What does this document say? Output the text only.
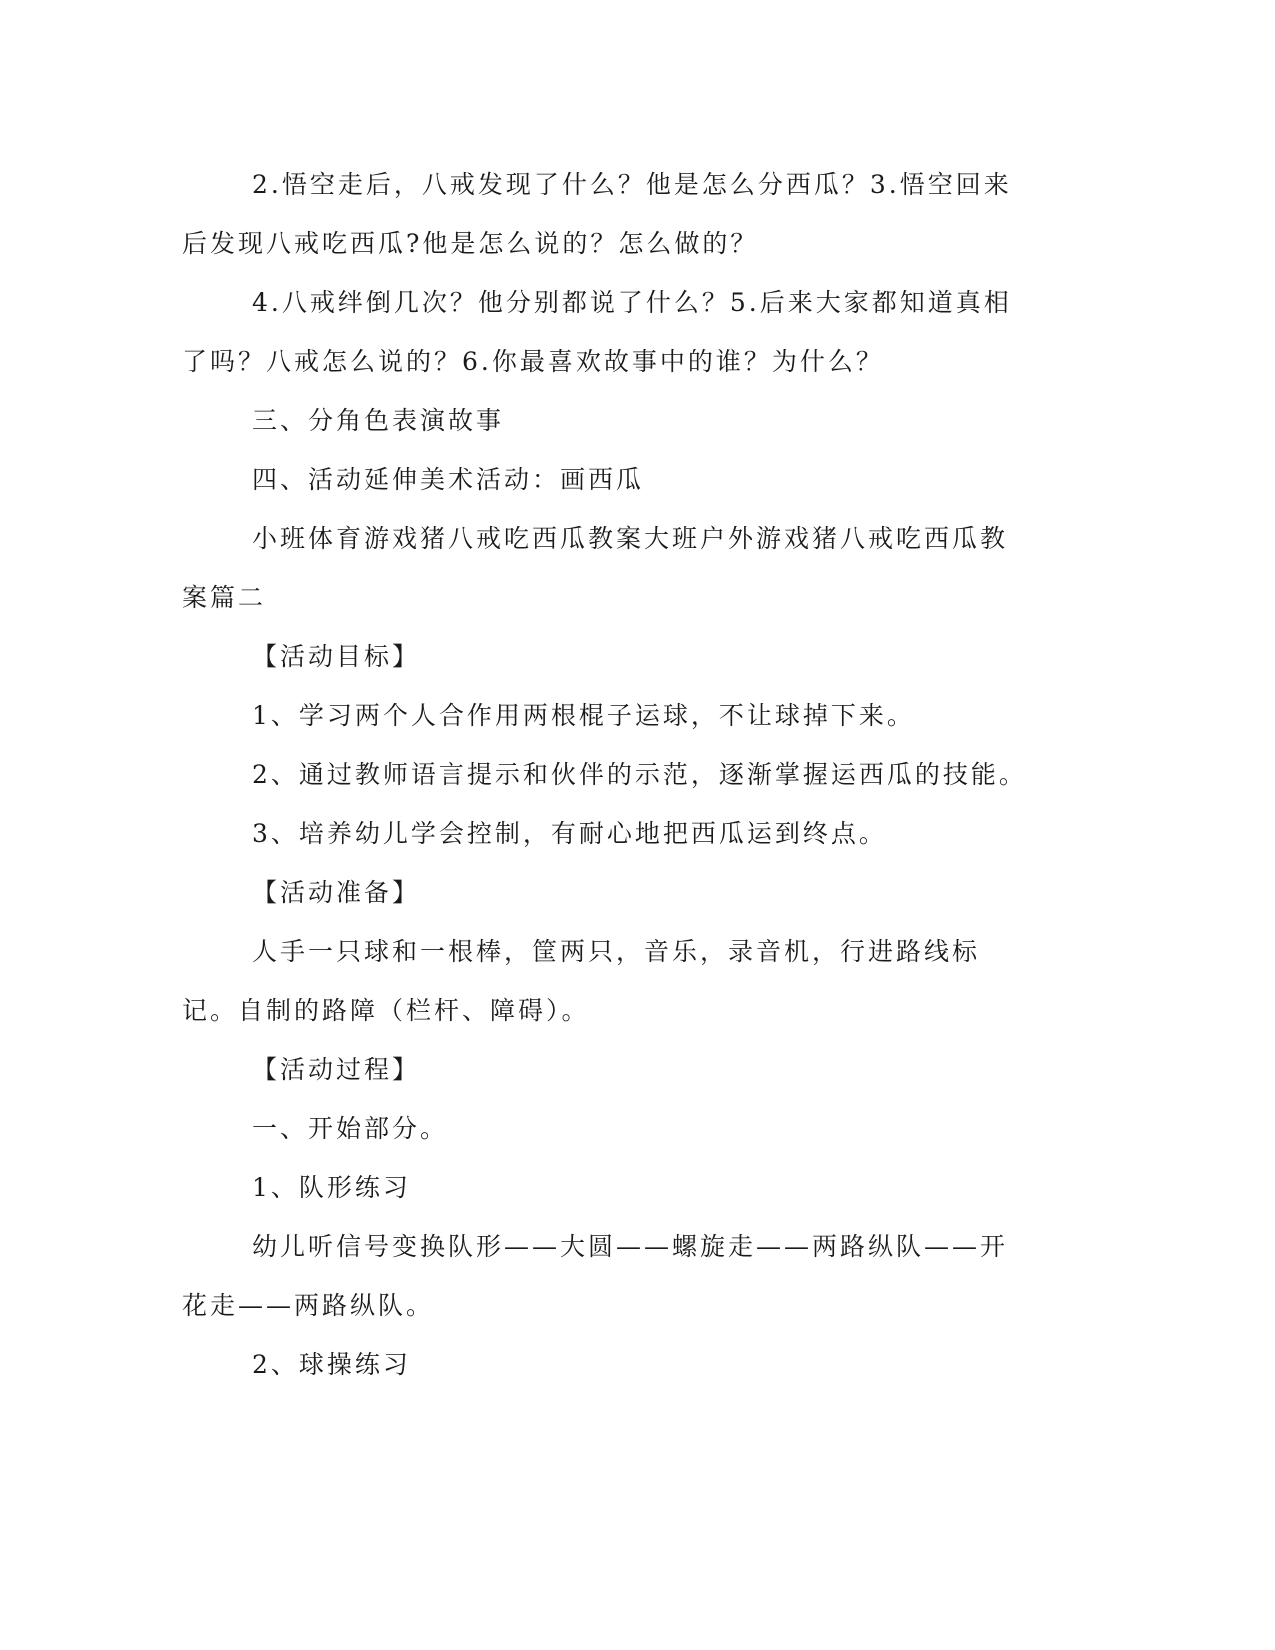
2.悟空走后，八戒发现了什么？他是怎么分西瓜？3.悟空回来后发现八戒吃西瓜?他是怎么说的？怎么做的？

4.八戒绊倒几次？他分别都说了什么？5.后来大家都知道真相了吗？八戒怎么说的？6.你最喜欢故事中的谁？为什么？

三、分角色表演故事

四、活动延伸美术活动：画西瓜

小班体育游戏猪八戒吃西瓜教案大班户外游戏猪八戒吃西瓜教案篇二

【活动目标】

1、学习两个人合作用两根棍子运球，不让球掉下来。

2、通过教师语言提示和伙伴的示范，逐渐掌握运西瓜的技能。

3、培养幼儿学会控制，有耐心地把西瓜运到终点。

【活动准备】

人手一只球和一根棒，筐两只，音乐，录音机，行进路线标记。自制的路障（栏杆、障碍）。

【活动过程】

一、开始部分。

1、队形练习

幼儿听信号变换队形——大圆——螺旋走——两路纵队——开花走——两路纵队。

2、球操练习
